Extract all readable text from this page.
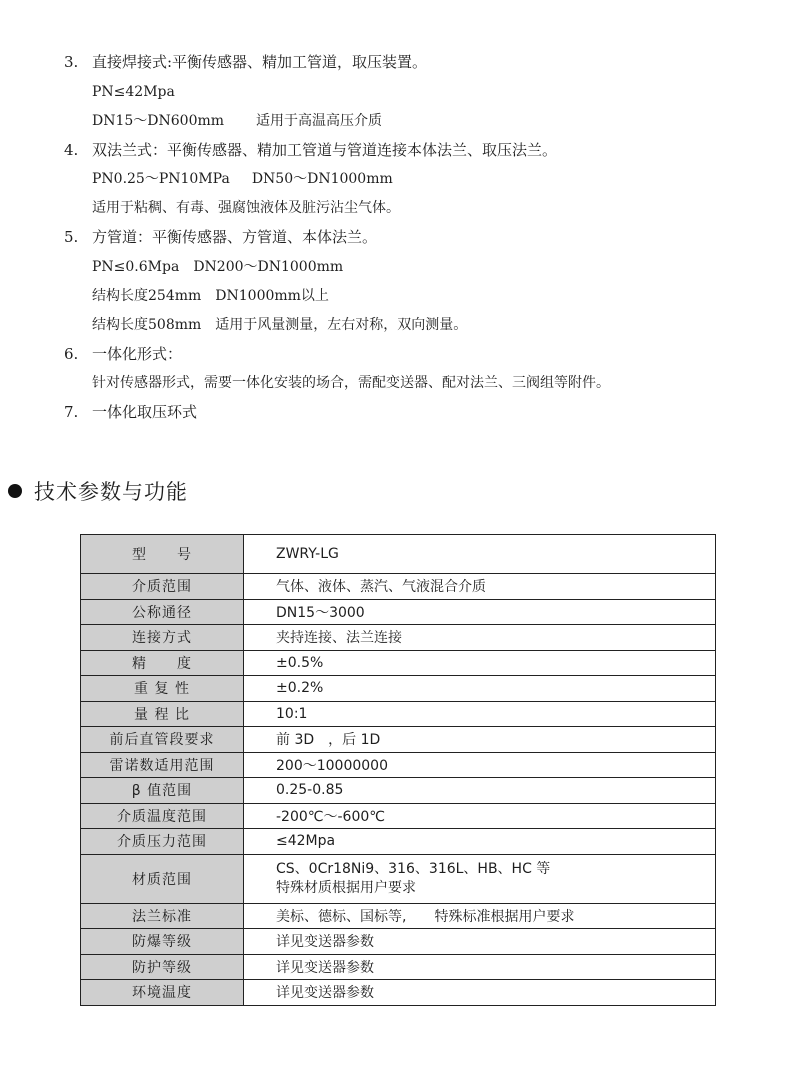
3. 直接焊接式:平衡传感器、精加工管道，取压装置。
PN≤42Mpa
DN15～DN600mm 适用于高温高压介质
4. 双法兰式：平衡传感器、精加工管道与管道连接本体法兰、取压法兰。
PN0.25～PN10MPa DN50～DN1000mm
适用于粘稠、有毒、强腐蚀液体及脏污沾尘气体。
5. 方管道：平衡传感器、方管道、本体法兰。
PN≤0.6Mpa DN200～DN1000mm
结构长度254mm DN1000mm以上
结构长度508mm 适用于风量测量，左右对称，双向测量。
6. 一体化形式：
针对传感器形式，需要一体化安装的场合，需配变送器、配对法兰、三阀组等附件。
7. 一体化取压环式
技术参数与功能
型　　号	ZWRY-LG
介质范围	气体、液体、蒸汽、气液混合介质
公称通径	DN15～3000
连接方式	夹持连接、法兰连接
精　　度	±0.5%
重 复 性	±0.2%
量 程 比	10:1
前后直管段要求	前 3D　，后 1D
雷诺数适用范围	200～10000000
β 值范围	0.25-0.85
介质温度范围	-200℃～-600℃
介质压力范围	≤42Mpa
材质范围	CS、0Cr18Ni9、316、316L、HB、HC 等
特殊材质根据用户要求

法兰标准	美标、德标、国标等,　　特殊标准根据用户要求
防爆等级	详见变送器参数
防护等级	详见变送器参数
环境温度	详见变送器参数
